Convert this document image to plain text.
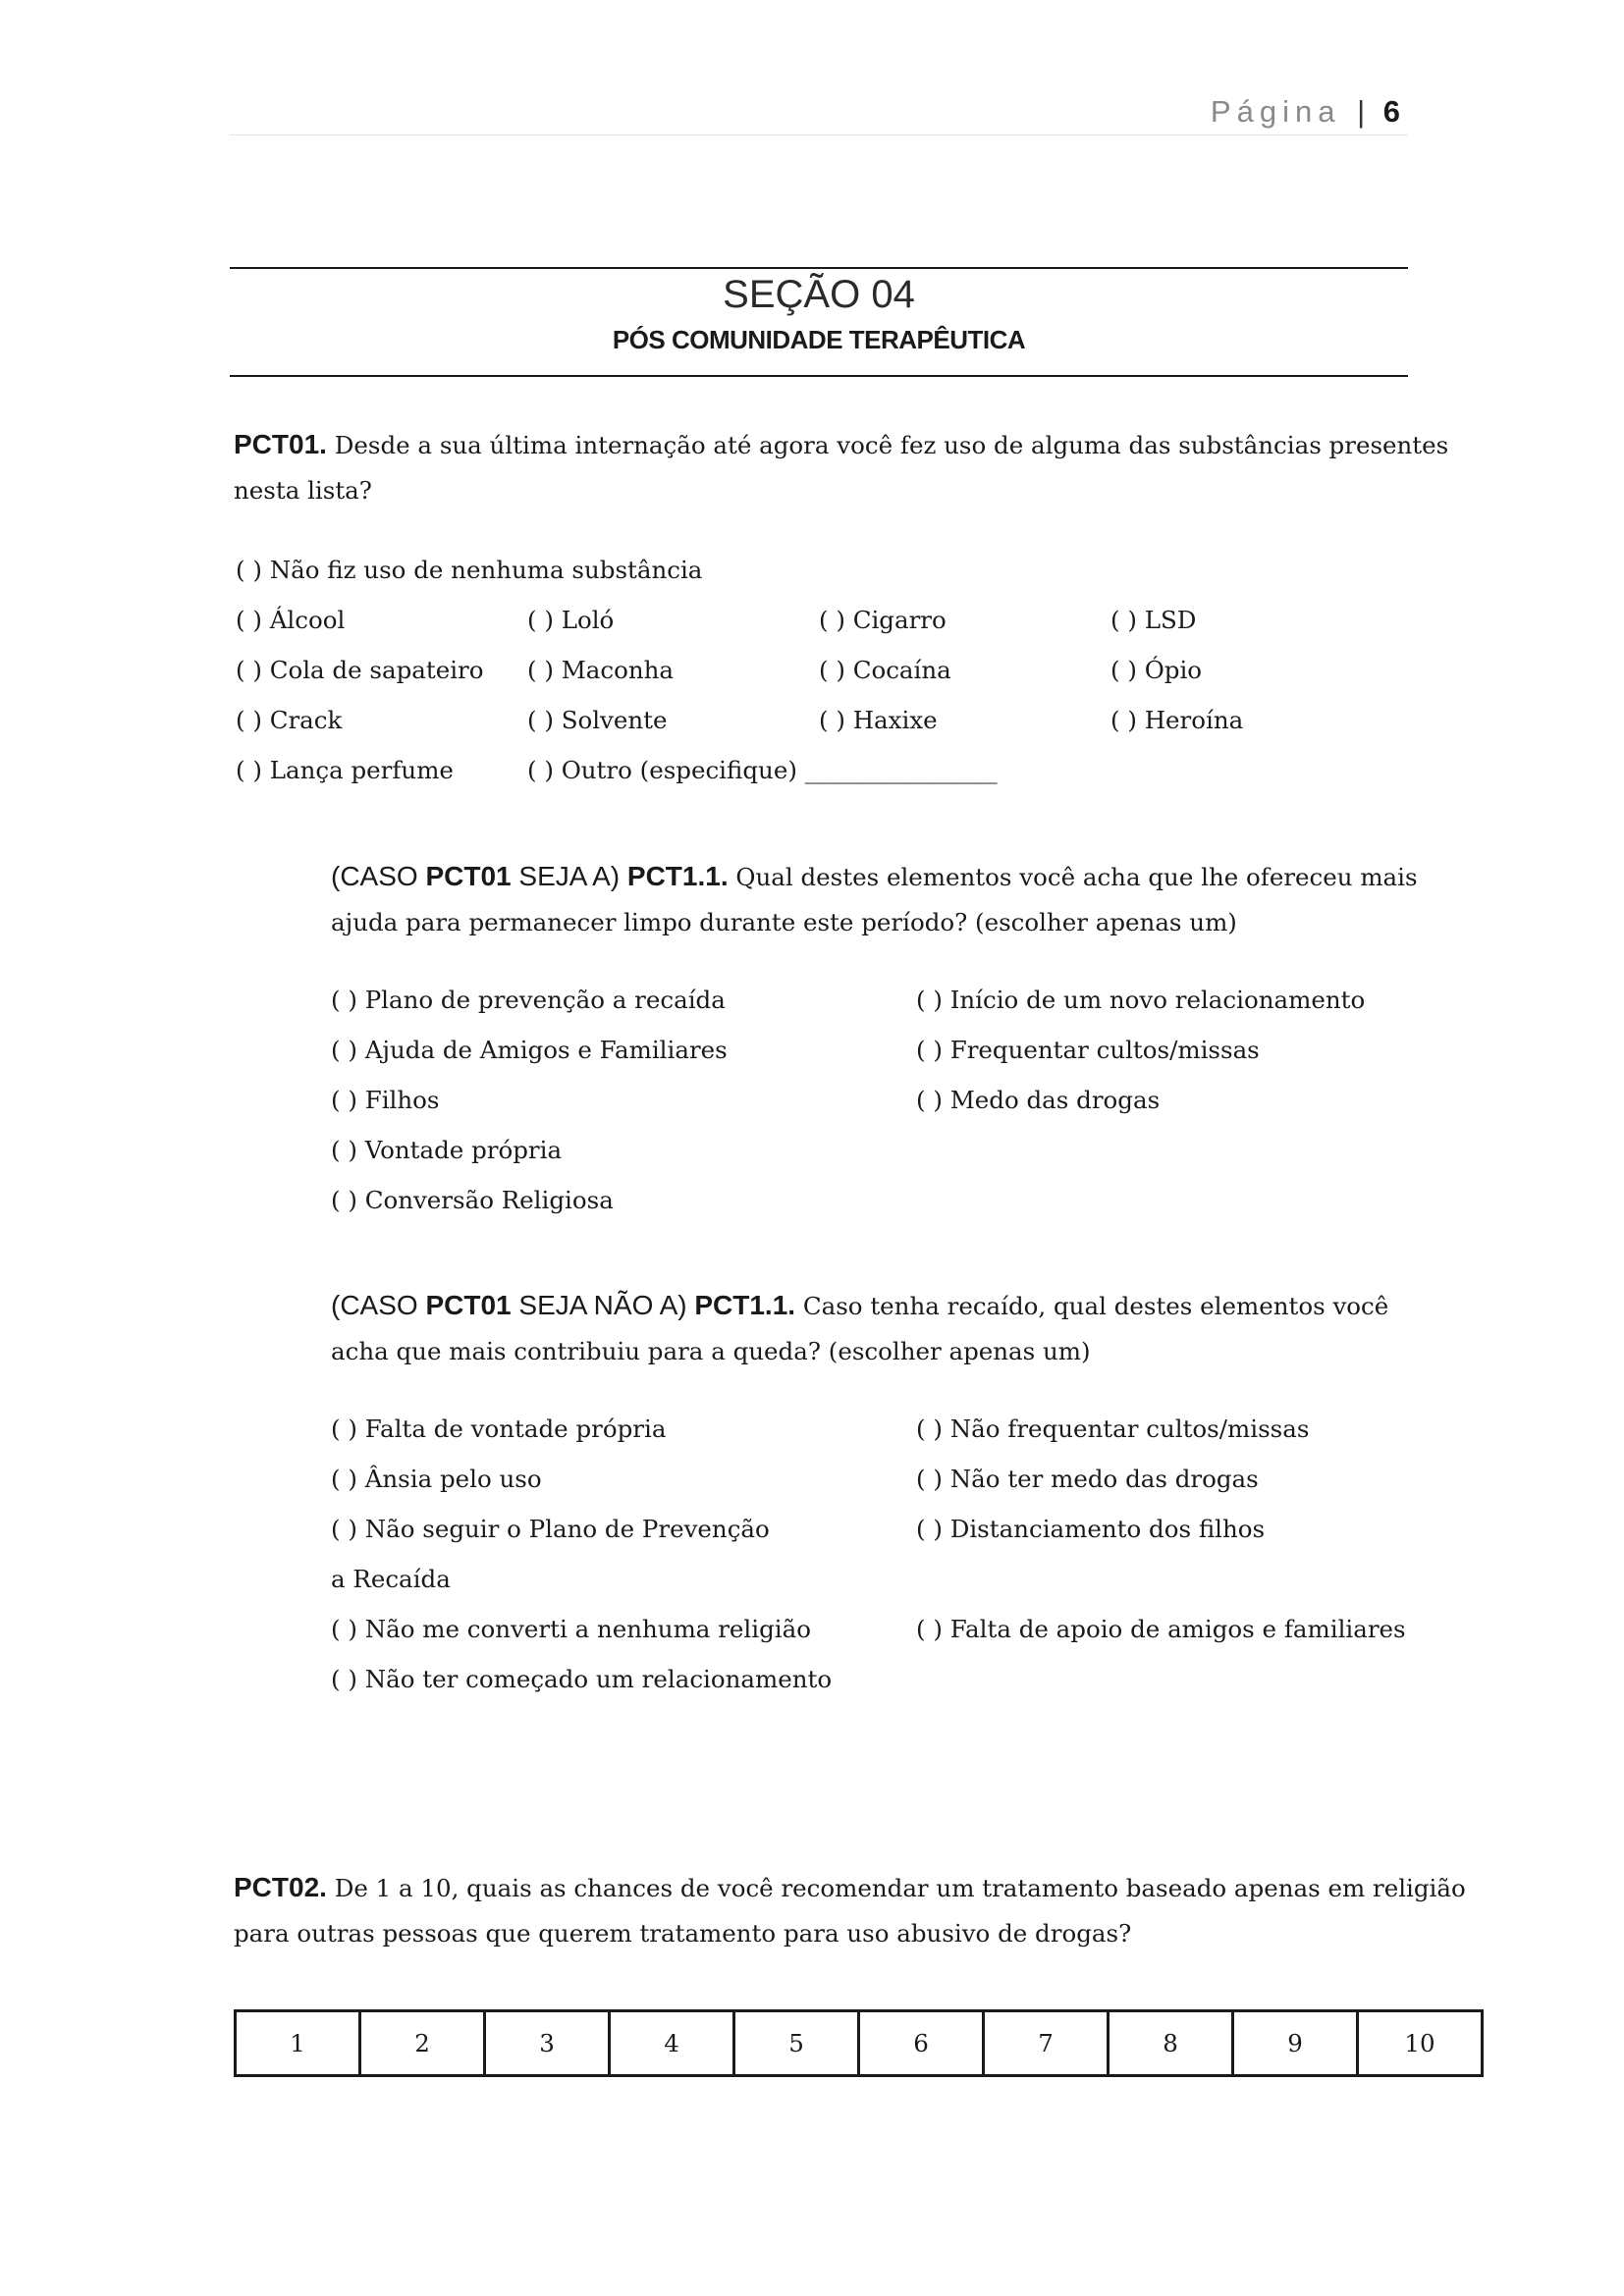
Página | 6
SEÇÃO 04
PÓS COMUNIDADE TERAPÊUTICA
PCT01. Desde a sua última internação até agora você fez uso de alguma das substâncias presentes
nesta lista?
( ) Não fiz uso de nenhuma substância
( ) Álcool	( ) Loló	( ) Cigarro	( ) LSD
( ) Cola de sapateiro ( ) Maconha	( ) Cocaína	( ) Ópio
( ) Crack	( ) Solvente	( ) Haxixe	( ) Heroína
( ) Lança perfume	( ) Outro (especifique) ________________
(CASO PCT01 SEJA A) PCT1.1. Qual destes elementos você acha que lhe ofereceu mais
ajuda para permanecer limpo durante este período? (escolher apenas um)
( ) Plano de prevenção a recaída
( ) Ajuda de Amigos e Familiares
( ) Filhos
( ) Vontade própria
( ) Conversão Religiosa
( ) Início de um novo relacionamento
( ) Frequentar cultos/missas
( ) Medo das drogas
(CASO PCT01 SEJA NÃO A) PCT1.1. Caso tenha recaído, qual destes elementos você
acha que mais contribuiu para a queda? (escolher apenas um)
( ) Falta de vontade própria
( ) Ânsia pelo uso
( ) Não seguir o Plano de Prevenção
a Recaída
( ) Não me converti a nenhuma religião
( ) Não ter começado um relacionamento
( ) Não frequentar cultos/missas
( ) Não ter medo das drogas
( ) Distanciamento dos filhos
( ) Falta de apoio de amigos e familiares
PCT02. De 1 a 10, quais as chances de você recomendar um tratamento baseado apenas em religião
para outras pessoas que querem tratamento para uso abusivo de drogas?
1	2	3	4	5	6	7	8	9	10
